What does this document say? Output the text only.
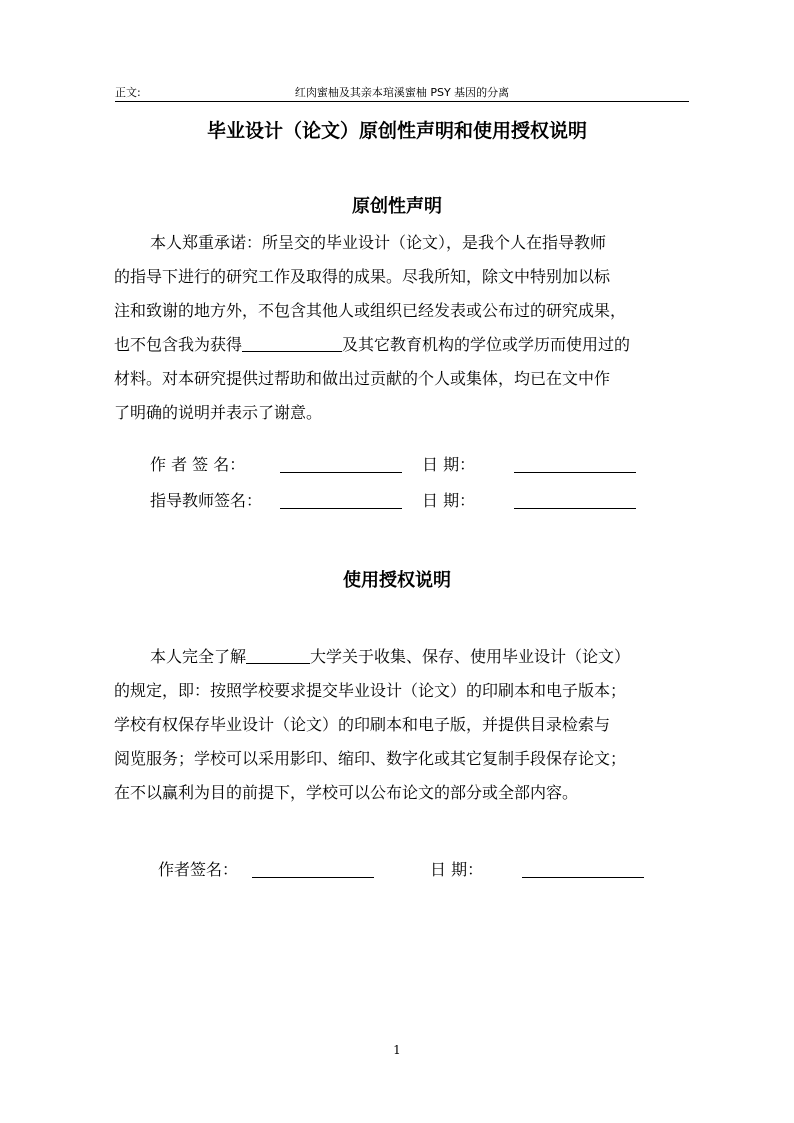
正文:	红肉蜜柚及其亲本琯溪蜜柚 PSY 基因的分离
毕业设计（论文）原创性声明和使用授权说明
原创性声明
本人郑重承诺：所呈交的毕业设计（论文），是我个人在指导教师
的指导下进行的研究工作及取得的成果。尽我所知，除文中特别加以标
注和致谢的地方外，不包含其他人或组织已经发表或公布过的研究成果，
也不包含我为获得	及其它教育机构的学位或学历而使用过的
材料。对本研究提供过帮助和做出过贡献的个人或集体，均已在文中作
了明确的说明并表示了谢意。
作 者 签 名：	日 期：
指导教师签名：	日 期：
使用授权说明
本人完全了解	大学关于收集、保存、使用毕业设计（论文）
的规定，即：按照学校要求提交毕业设计（论文）的印刷本和电子版本；
学校有权保存毕业设计（论文）的印刷本和电子版，并提供目录检索与
阅览服务；学校可以采用影印、缩印、数字化或其它复制手段保存论文；
在不以赢利为目的前提下，学校可以公布论文的部分或全部内容。
作者签名：	日 期：
1
